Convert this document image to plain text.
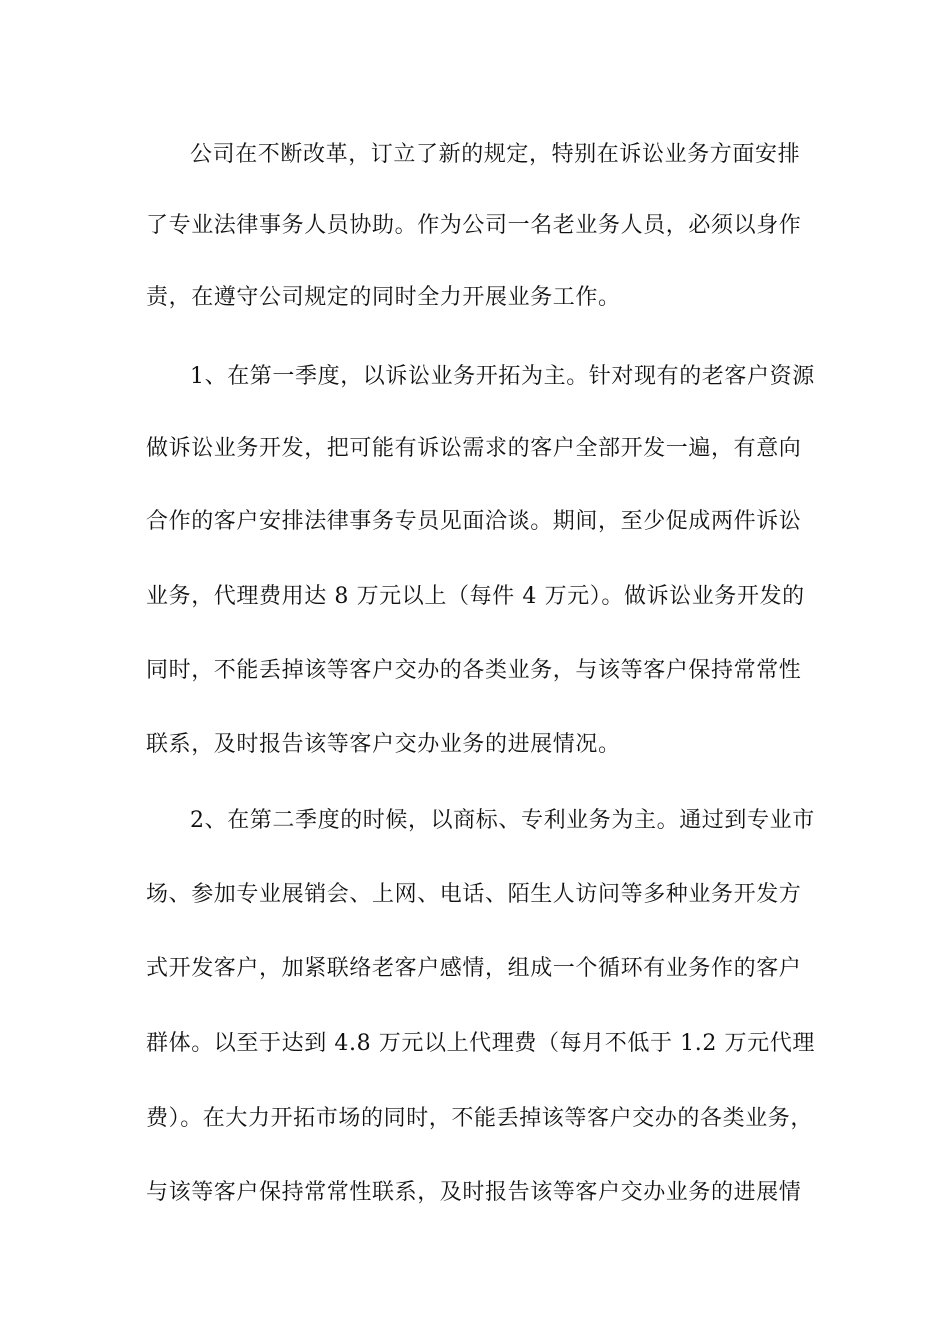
公司在不断改革，订立了新的规定，特别在诉讼业务方面安排
了专业法律事务人员协助。作为公司一名老业务人员，必须以身作
责，在遵守公司规定的同时全力开展业务工作。
1、在第一季度，以诉讼业务开拓为主。针对现有的老客户资源
做诉讼业务开发，把可能有诉讼需求的客户全部开发一遍，有意向
合作的客户安排法律事务专员见面洽谈。期间，至少促成两件诉讼
业务，代理费用达 8 万元以上（每件 4 万元）。做诉讼业务开发的
同时，不能丢掉该等客户交办的各类业务，与该等客户保持常常性
联系，及时报告该等客户交办业务的进展情况。
2、在第二季度的时候，以商标、专利业务为主。通过到专业市
场、参加专业展销会、上网、电话、陌生人访问等多种业务开发方
式开发客户，加紧联络老客户感情，组成一个循环有业务作的客户
群体。以至于达到 4.8 万元以上代理费（每月不低于 1.2 万元代理
费）。在大力开拓市场的同时，不能丢掉该等客户交办的各类业务，
与该等客户保持常常性联系，及时报告该等客户交办业务的进展情
